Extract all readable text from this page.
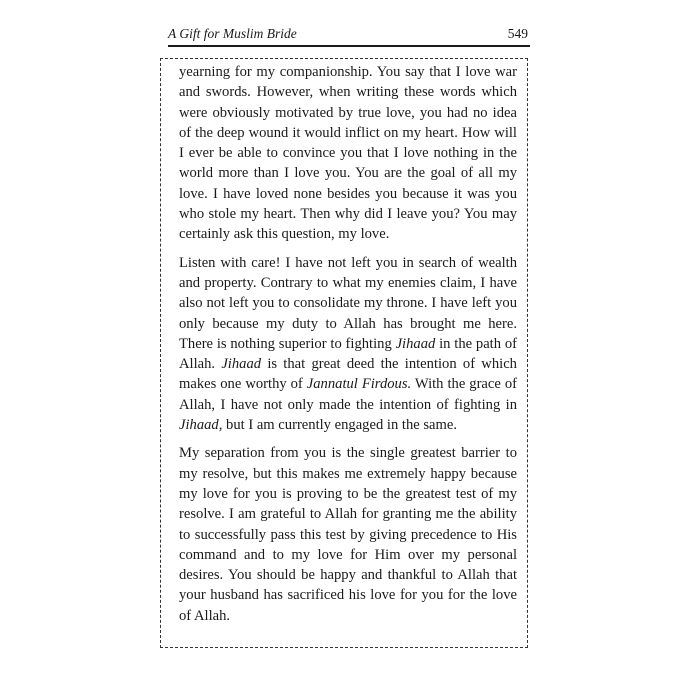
A Gift for Muslim Bride	549

yearning for my companionship. You say that I love war and swords. However, when writing these words which were obviously motivated by true love, you had no idea of the deep wound it would inflict on my heart. How will I ever be able to convince you that I love nothing in the world more than I love you. You are the goal of all my love. I have loved none besides you because it was you who stole my heart. Then why did I leave you? You may certainly ask this question, my love.

Listen with care! I have not left you in search of wealth and property. Contrary to what my enemies claim, I have also not left you to consolidate my throne. I have left you only because my duty to Allah has brought me here. There is nothing superior to fighting Jihaad in the path of Allah. Jihaad is that great deed the intention of which makes one worthy of Jannatul Firdous. With the grace of Allah, I have not only made the intention of fighting in Jihaad, but I am currently engaged in the same.

My separation from you is the single greatest barrier to my resolve, but this makes me extremely happy because my love for you is proving to be the greatest test of my resolve. I am grateful to Allah for granting me the ability to successfully pass this test by giving precedence to His command and to my love for Him over my personal desires. You should be happy and thankful to Allah that your husband has sacrificed his love for you for the love of Allah.
